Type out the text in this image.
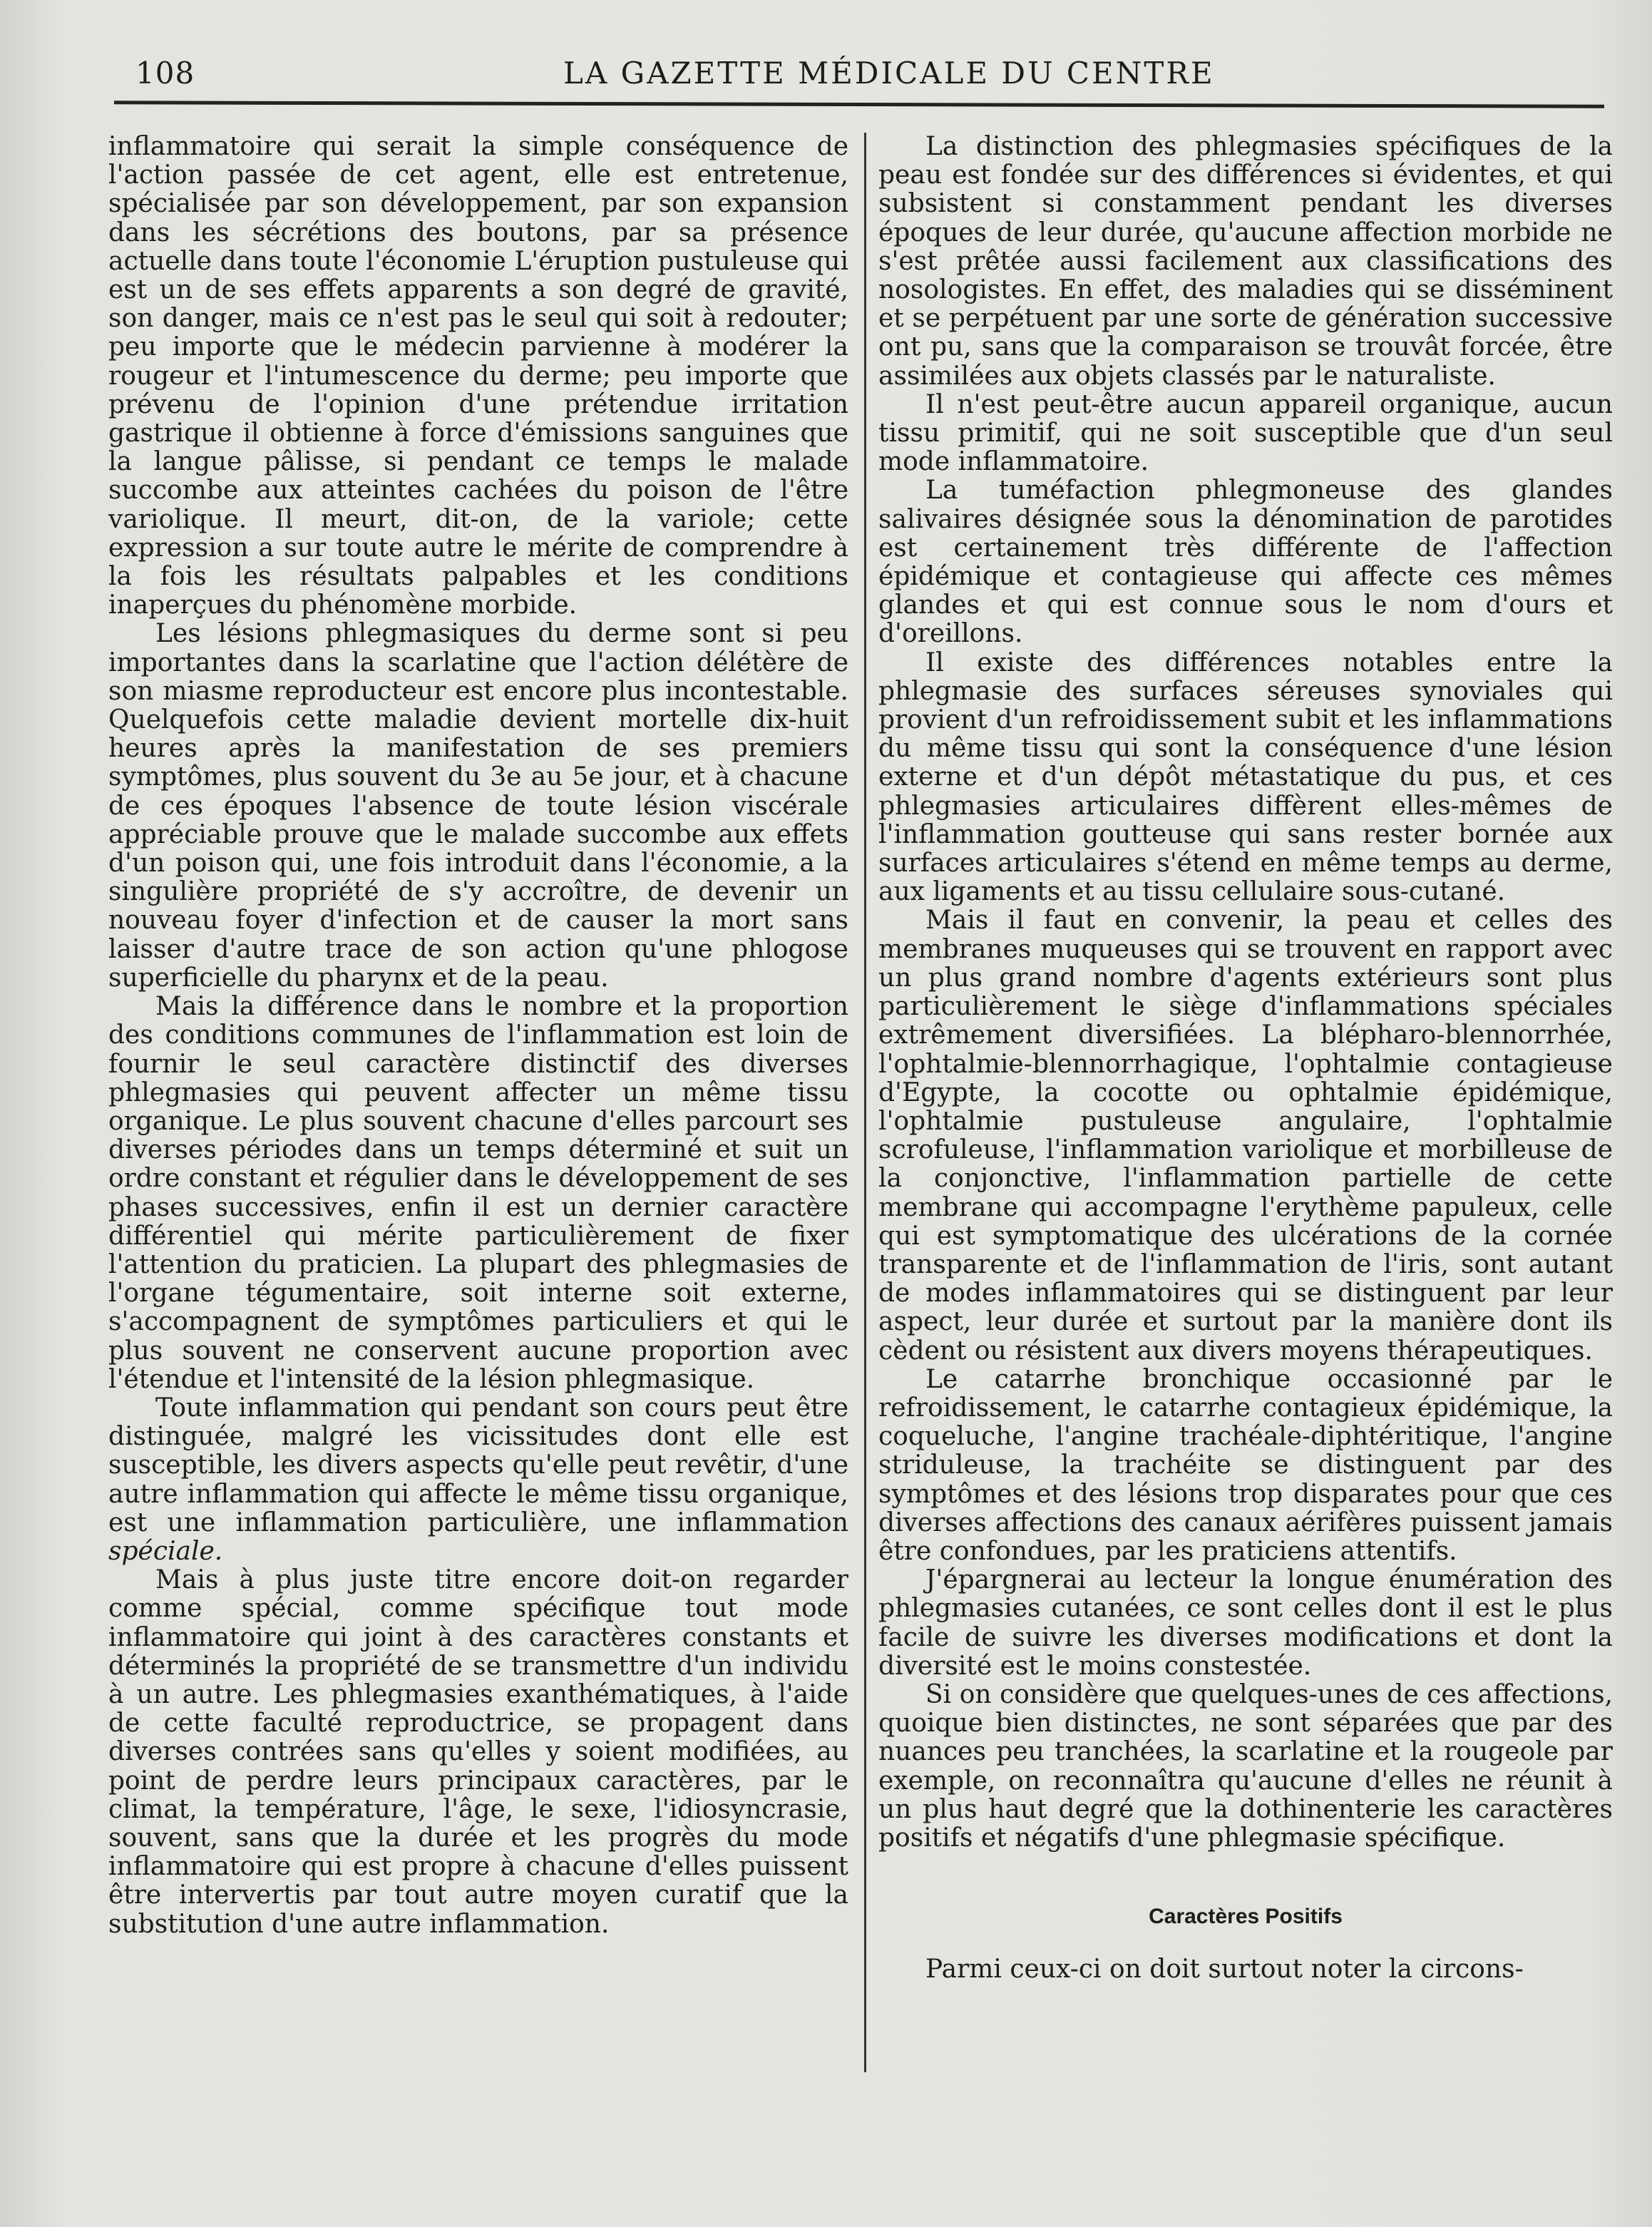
108	LA GAZETTE MÉDICALE DU CENTRE

inflammatoire qui serait la simple conséquence de l'action passée de cet agent, elle est entretenue, spécialisée par son développement, par son expansion dans les sécrétions des boutons, par sa présence actuelle dans toute l'économie L'éruption pustuleuse qui est un de ses effets apparents a son degré de gravité, son danger, mais ce n'est pas le seul qui soit à redouter; peu importe que le médecin parvienne à modérer la rougeur et l'intumescence du derme; peu importe que prévenu de l'opinion d'une prétendue irritation gastrique il obtienne à force d'émissions sanguines que la langue pâlisse, si pendant ce temps le malade succombe aux atteintes cachées du poison de l'être variolique. Il meurt, dit-on, de la variole; cette expression a sur toute autre le mérite de comprendre à la fois les résultats palpables et les conditions inaperçues du phénomène morbide.

Les lésions phlegmasiques du derme sont si peu importantes dans la scarlatine que l'action délétère de son miasme reproducteur est encore plus incontestable. Quelquefois cette maladie devient mortelle dix-huit heures après la manifestation de ses premiers symptômes, plus souvent du 3e au 5e jour, et à chacune de ces époques l'absence de toute lésion viscérale appréciable prouve que le malade succombe aux effets d'un poison qui, une fois introduit dans l'économie, a la singulière propriété de s'y accroître, de devenir un nouveau foyer d'infection et de causer la mort sans laisser d'autre trace de son action qu'une phlogose superficielle du pharynx et de la peau.

Mais la différence dans le nombre et la proportion des conditions communes de l'inflammation est loin de fournir le seul caractère distinctif des diverses phlegmasies qui peuvent affecter un même tissu organique. Le plus souvent chacune d'elles parcourt ses diverses périodes dans un temps déterminé et suit un ordre constant et régulier dans le développement de ses phases successives, enfin il est un dernier caractère différentiel qui mérite particulièrement de fixer l'attention du praticien. La plupart des phlegmasies de l'organe tégumentaire, soit interne soit externe, s'accompagnent de symptômes particuliers et qui le plus souvent ne conservent aucune proportion avec l'étendue et l'intensité de la lésion phlegmasique.

Toute inflammation qui pendant son cours peut être distinguée, malgré les vicissitudes dont elle est susceptible, les divers aspects qu'elle peut revêtir, d'une autre inflammation qui affecte le même tissu organique, est une inflammation particulière, une inflammation spéciale.

Mais à plus juste titre encore doit-on regarder comme spécial, comme spécifique tout mode inflammatoire qui joint à des caractères constants et déterminés la propriété de se transmettre d'un individu à un autre. Les phlegmasies exanthématiques, à l'aide de cette faculté reproductrice, se propagent dans diverses contrées sans qu'elles y soient modifiées, au point de perdre leurs principaux caractères, par le climat, la température, l'âge, le sexe, l'idiosyncrasie, souvent, sans que la durée et les progrès du mode inflammatoire qui est propre à chacune d'elles puissent être intervertis par tout autre moyen curatif que la substitution d'une autre inflammation.

La distinction des phlegmasies spécifiques de la peau est fondée sur des différences si évidentes, et qui subsistent si constamment pendant les diverses époques de leur durée, qu'aucune affection morbide ne s'est prêtée aussi facilement aux classifications des nosologistes. En effet, des maladies qui se disséminent et se perpétuent par une sorte de génération successive ont pu, sans que la comparaison se trouvât forcée, être assimilées aux objets classés par le naturaliste.

Il n'est peut-être aucun appareil organique, aucun tissu primitif, qui ne soit susceptible que d'un seul mode inflammatoire.

La tuméfaction phlegmoneuse des glandes salivaires désignée sous la dénomination de parotides est certainement très différente de l'affection épidémique et contagieuse qui affecte ces mêmes glandes et qui est connue sous le nom d'ours et d'oreillons.

Il existe des différences notables entre la phlegmasie des surfaces séreuses synoviales qui provient d'un refroidissement subit et les inflammations du même tissu qui sont la conséquence d'une lésion externe et d'un dépôt métastatique du pus, et ces phlegmasies articulaires diffèrent elles-mêmes de l'inflammation goutteuse qui sans rester bornée aux surfaces articulaires s'étend en même temps au derme, aux ligaments et au tissu cellulaire sous-cutané.

Mais il faut en convenir, la peau et celles des membranes muqueuses qui se trouvent en rapport avec un plus grand nombre d'agents extérieurs sont plus particulièrement le siège d'inflammations spéciales extrêmement diversifiées. La blépharo-blennorrhée, l'ophtalmie-blennorrhagique, l'ophtalmie contagieuse d'Egypte, la cocotte ou ophtalmie épidémique, l'ophtalmie pustuleuse angulaire, l'ophtalmie scrofuleuse, l'inflammation variolique et morbilleuse de la conjonctive, l'inflammation partielle de cette membrane qui accompagne l'erythème papuleux, celle qui est symptomatique des ulcérations de la cornée transparente et de l'inflammation de l'iris, sont autant de modes inflammatoires qui se distinguent par leur aspect, leur durée et surtout par la manière dont ils cèdent ou résistent aux divers moyens thérapeutiques.

Le catarrhe bronchique occasionné par le refroidissement, le catarrhe contagieux épidémique, la coqueluche, l'angine trachéale-diphtéritique, l'angine striduleuse, la trachéite se distinguent par des symptômes et des lésions trop disparates pour que ces diverses affections des canaux aérifères puissent jamais être confondues, par les praticiens attentifs.

J'épargnerai au lecteur la longue énumération des phlegmasies cutanées, ce sont celles dont il est le plus facile de suivre les diverses modifications et dont la diversité est le moins constestée.

Si on considère que quelques-unes de ces affections, quoique bien distinctes, ne sont séparées que par des nuances peu tranchées, la scarlatine et la rougeole par exemple, on reconnaîtra qu'aucune d'elles ne réunit à un plus haut degré que la dothinenterie les caractères positifs et négatifs d'une phlegmasie spécifique.

Caractères Positifs

Parmi ceux-ci on doit surtout noter la circons-
